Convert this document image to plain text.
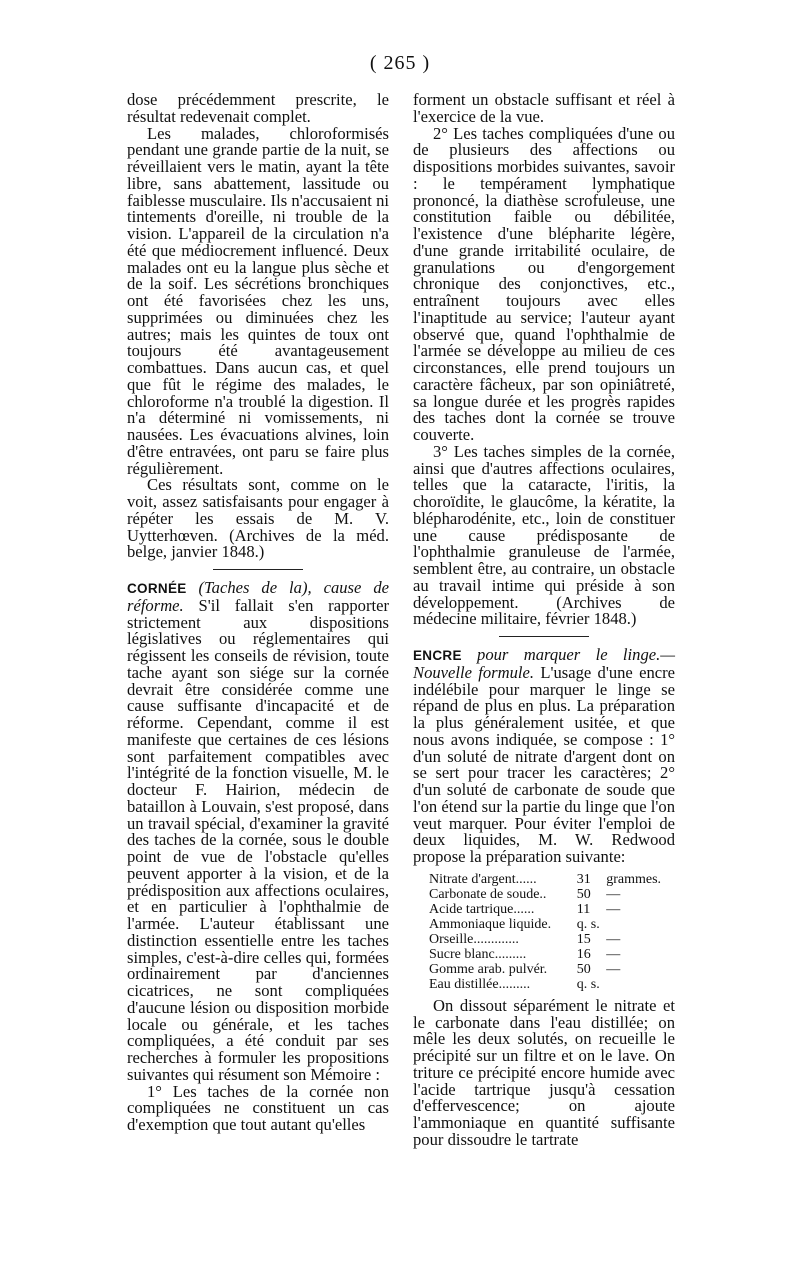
( 265 )

dose précédemment prescrite, le résultat redevenait complet.

Les malades, chloroformisés pendant une grande partie de la nuit, se réveillaient vers le matin, ayant la tête libre, sans abattement, lassitude ou faiblesse musculaire. Ils n'accusaient ni tintements d'oreille, ni trouble de la vision. L'appareil de la circulation n'a été que médiocrement influencé. Deux malades ont eu la langue plus sèche et de la soif. Les sécrétions bronchiques ont été favorisées chez les uns, supprimées ou diminuées chez les autres; mais les quintes de toux ont toujours été avantageusement combattues. Dans aucun cas, et quel que fût le régime des malades, le chloroforme n'a troublé la digestion. Il n'a déterminé ni vomissements, ni nausées. Les évacuations alvines, loin d'être entravées, ont paru se faire plus régulièrement.

Ces résultats sont, comme on le voit, assez satisfaisants pour engager à répéter les essais de M. V. Uytterhœven. (Archives de la méd. belge, janvier 1848.)

CORNÉE (Taches de la), cause de réforme. S'il fallait s'en rapporter strictement aux dispositions législatives ou réglementaires qui régissent les conseils de révision, toute tache ayant son siége sur la cornée devrait être considérée comme une cause suffisante d'incapacité et de réforme. Cependant, comme il est manifeste que certaines de ces lésions sont parfaitement compatibles avec l'intégrité de la fonction visuelle, M. le docteur F. Hairion, médecin de bataillon à Louvain, s'est proposé, dans un travail spécial, d'examiner la gravité des taches de la cornée, sous le double point de vue de l'obstacle qu'elles peuvent apporter à la vision, et de la prédisposition aux affections oculaires, et en particulier à l'ophthalmie de l'armée. L'auteur établissant une distinction essentielle entre les taches simples, c'est-à-dire celles qui, formées ordinairement par d'anciennes cicatrices, ne sont compliquées d'aucune lésion ou disposition morbide locale ou générale, et les taches compliquées, a été conduit par ses recherches à formuler les propositions suivantes qui résument son Mémoire :

1° Les taches de la cornée non compliquées ne constituent un cas d'exemption que tout autant qu'elles

forment un obstacle suffisant et réel à l'exercice de la vue.

2° Les taches compliquées d'une ou de plusieurs des affections ou dispositions morbides suivantes, savoir : le tempérament lymphatique prononcé, la diathèse scrofuleuse, une constitution faible ou débilitée, l'existence d'une blépharite légère, d'une grande irritabilité oculaire, de granulations ou d'engorgement chronique des conjonctives, etc., entraînent toujours avec elles l'inaptitude au service; l'auteur ayant observé que, quand l'ophthalmie de l'armée se développe au milieu de ces circonstances, elle prend toujours un caractère fâcheux, par son opiniâtreté, sa longue durée et les progrès rapides des taches dont la cornée se trouve couverte.

3° Les taches simples de la cornée, ainsi que d'autres affections oculaires, telles que la cataracte, l'iritis, la choroïdite, le glaucôme, la kératite, la blépharodénite, etc., loin de constituer une cause prédisposante de l'ophthalmie granuleuse de l'armée, semblent être, au contraire, un obstacle au travail intime qui préside à son développement. (Archives de médecine militaire, février 1848.)

ENCRE pour marquer le linge.— Nouvelle formule. L'usage d'une encre indélébile pour marquer le linge se répand de plus en plus. La préparation la plus généralement usitée, et que nous avons indiquée, se compose : 1° d'un soluté de nitrate d'argent dont on se sert pour tracer les caractères; 2° d'un soluté de carbonate de soude que l'on étend sur la partie du linge que l'on veut marquer. Pour éviter l'emploi de deux liquides, M. W. Redwood propose la préparation suivante:

Nitrate d'argent......	31	grammes.
Carbonate de soude..	50	—
Acide tartrique......	11	—
Ammoniaque liquide.	q. s.	
Orseille.............	15	—
Sucre blanc.........	16	—
Gomme arab. pulvér.	50	—
Eau distillée.........	q. s.	

On dissout séparément le nitrate et le carbonate dans l'eau distillée; on mêle les deux solutés, on recueille le précipité sur un filtre et on le lave. On triture ce précipité encore humide avec l'acide tartrique jusqu'à cessation d'effervescence; on ajoute l'ammoniaque en quantité suffisante pour dissoudre le tartrate
